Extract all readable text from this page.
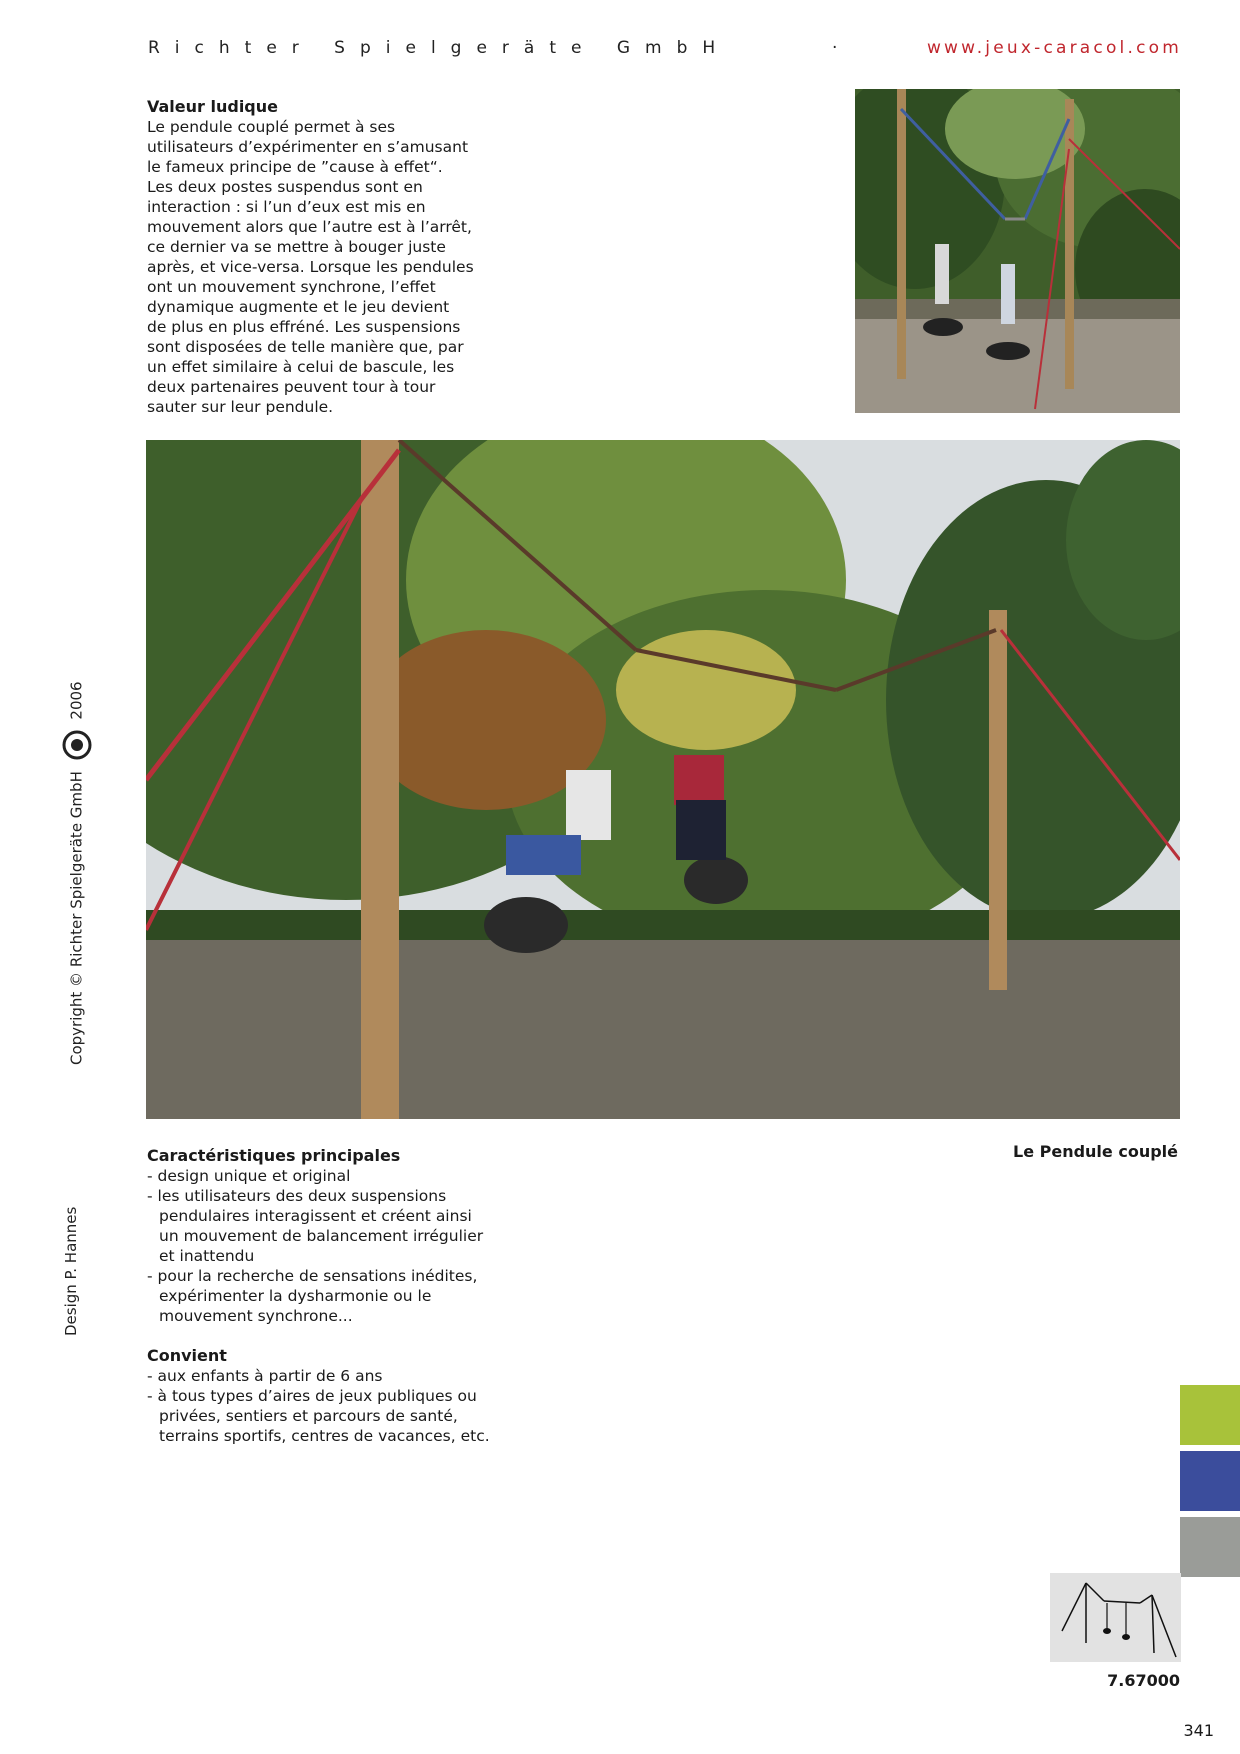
Richter Spielgeräte GmbH	·	www.jeux-caracol.com
Valeur ludique

Le pendule couplé permet à ses

utilisateurs d’expérimenter en s’amusant

le fameux principe de ”cause à effet“.

Les deux postes suspendus sont en

interaction : si l’un d’eux est mis en

mouvement alors que l’autre est à l’arrêt,

ce dernier va se mettre à bouger juste

après, et vice-versa. Lorsque les pendules

ont un mouvement synchrone, l’effet

dynamique augmente et le jeu devient

de plus en plus effréné. Les suspensions

sont disposées de telle manière que, par

un effet similaire à celui de bascule, les

deux partenaires peuvent tour à tour

sauter sur leur pendule.

Caractéristiques principales
- design unique et original
- les utilisateurs des deux suspensions pendulaires interagissent et créent ainsi un mouvement de balancement irrégulier et inattendu
- pour la recherche de sensations inédites, expérimenter la dysharmonie ou le mouvement synchrone...
Convient
- aux enfants à partir de 6 ans
- à tous types d’aires de jeux publiques ou privées, sentiers et parcours de santé, terrains sportifs, centres de vacances, etc.
Le Pendule couplé
Copyright © Richter Spielgeräte GmbH  2006
Design P. Hannes
7.67000
341
